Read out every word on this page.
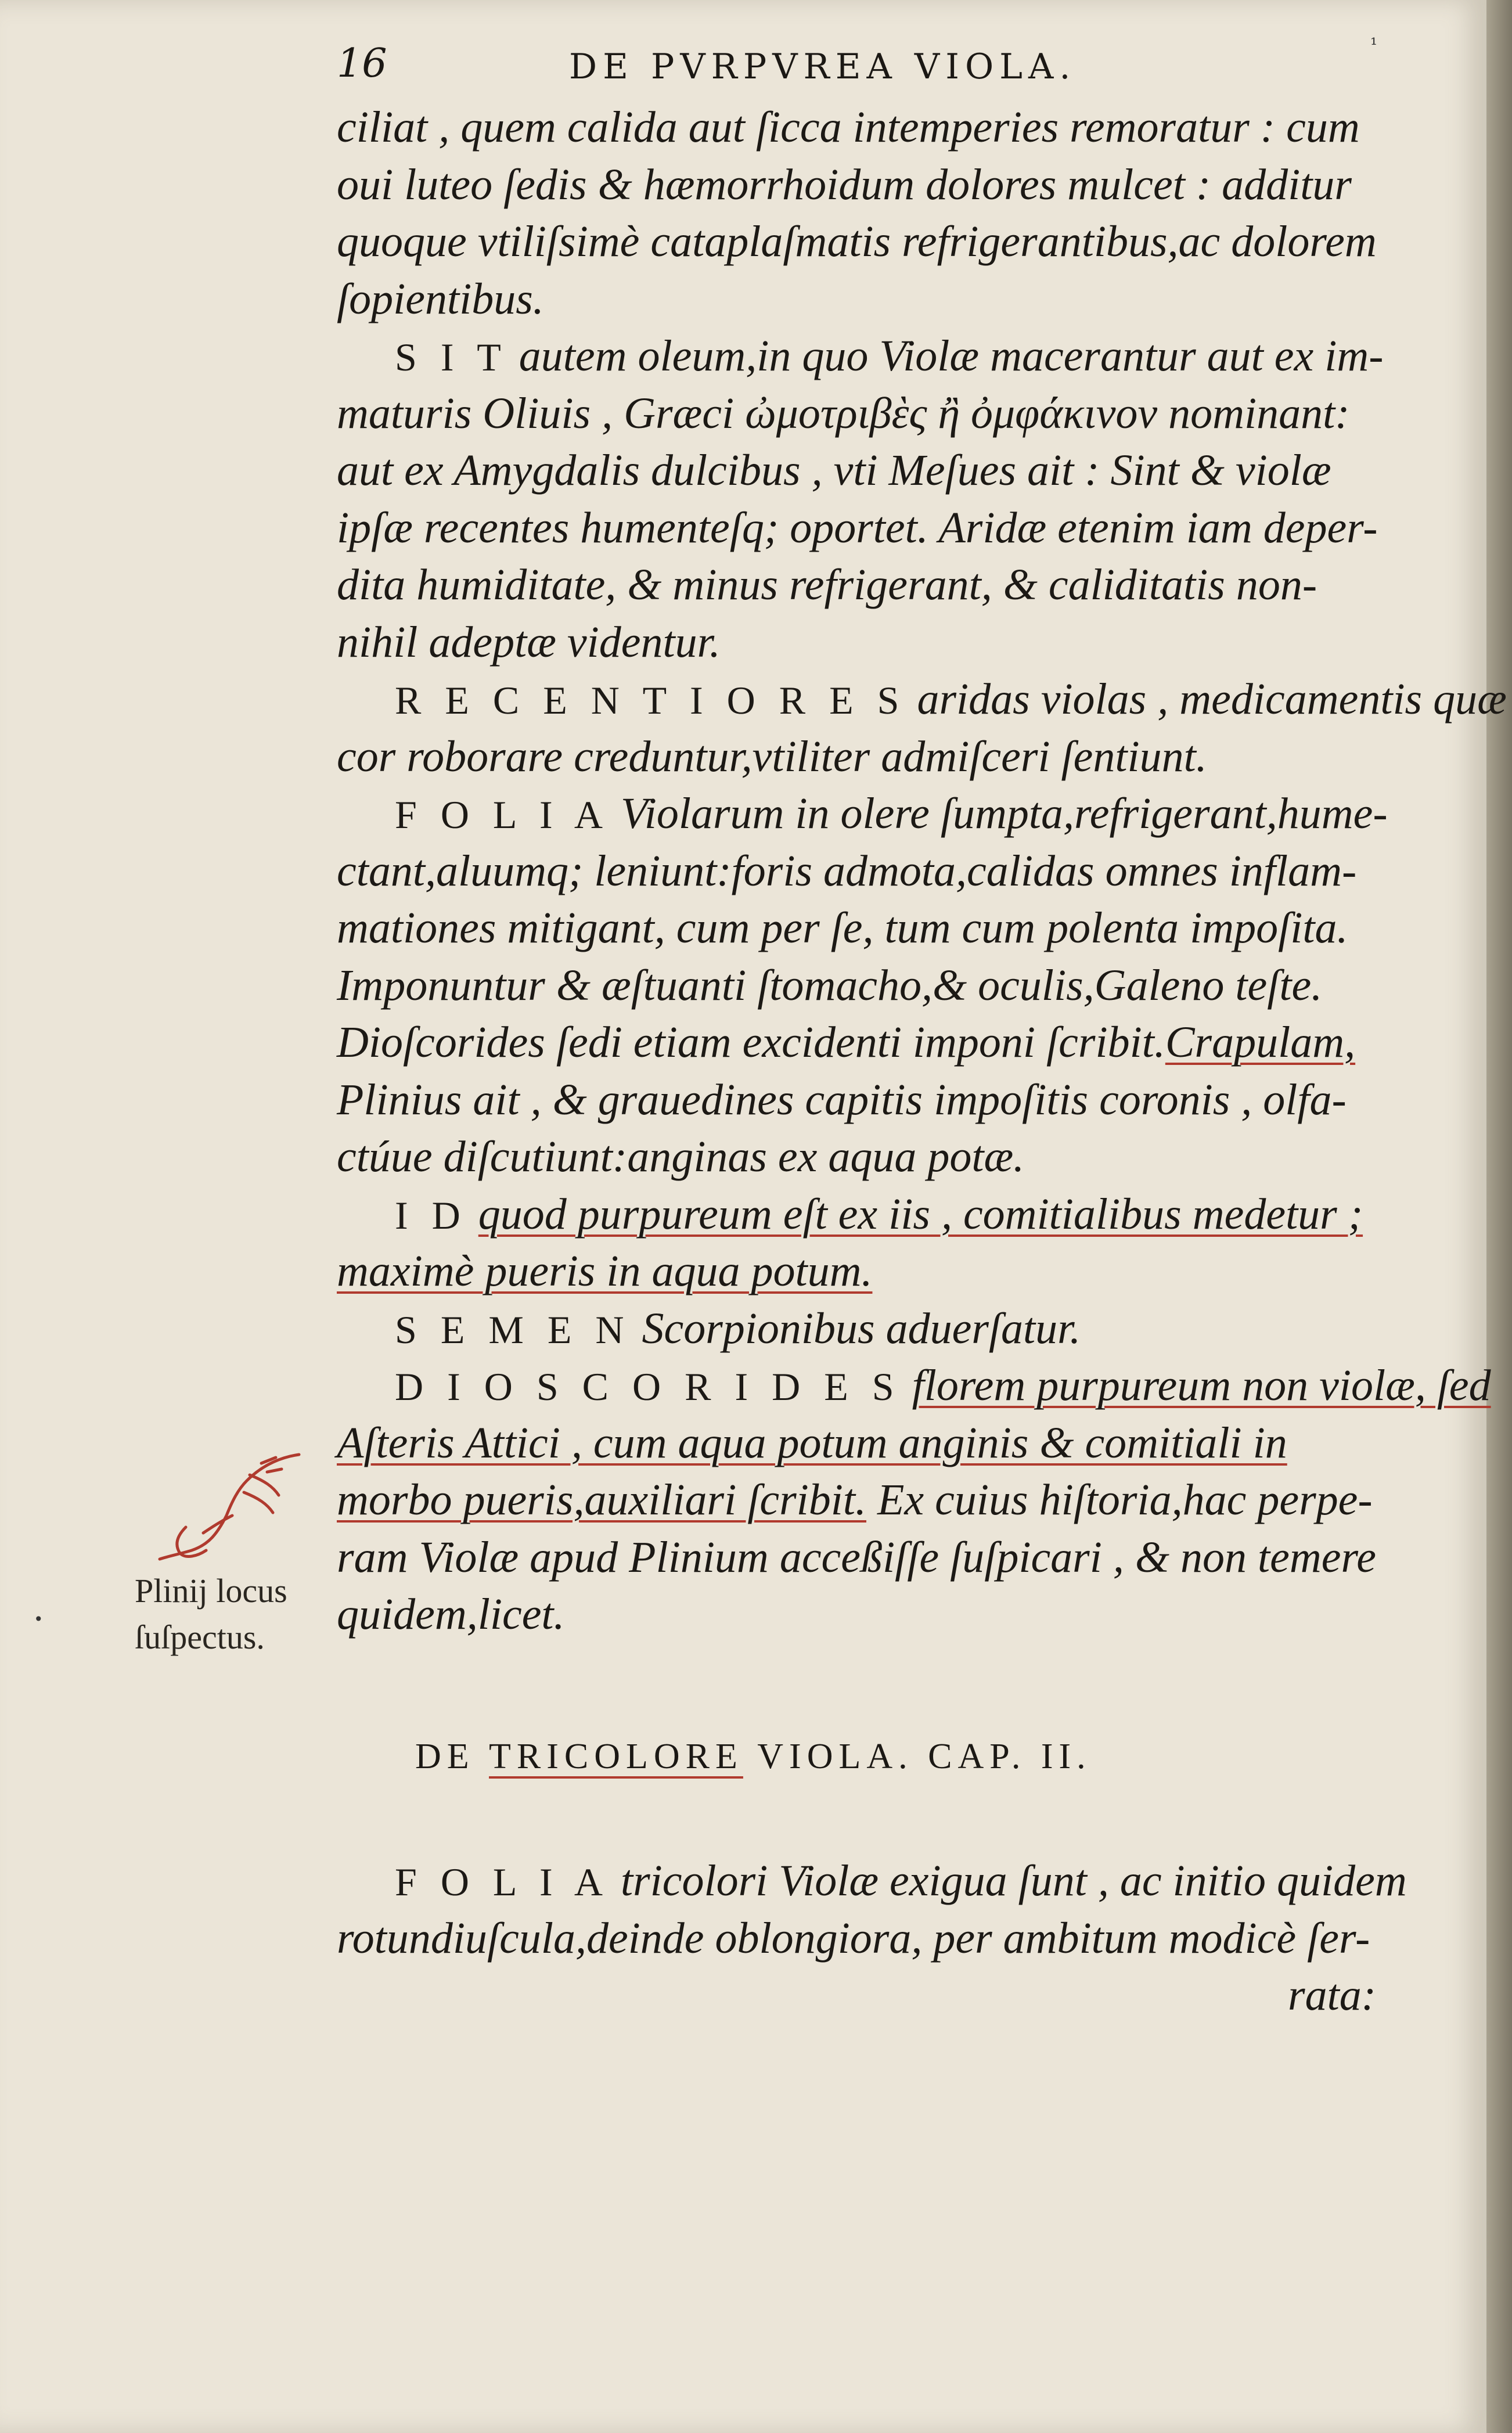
16	DE PVRPVREA VIOLA.
¹
ciliat , quem calida aut ſicca intemperies remoratur : cum
oui luteo ſedis & hæmorrhoidum dolores mulcet : additur
quoque vtiliſsimè cataplaſmatis refrigerantibus,ac dolorem
ſopientibus.
S I T autem oleum,in quo Violæ macerantur aut ex im-
maturis Oliuis , Græci ὠμοτριβὲς ἢ ὀμφάκινον nominant:
aut ex Amygdalis dulcibus , vti Meſues ait : Sint & violæ
ipſæ recentes humenteſq; oportet. Aridæ etenim iam deper-
dita humiditate, & minus refrigerant, & caliditatis non-
nihil adeptæ videntur.
R E C E N T I O R E S aridas violas , medicamentis quæ
cor roborare creduntur,vtiliter admiſceri ſentiunt.
F O L I A Violarum in olere ſumpta,refrigerant,hume-
ctant,aluumq; leniunt:foris admota,calidas omnes inflam-
mationes mitigant, cum per ſe, tum cum polenta impoſita.
Imponuntur & æſtuanti ſtomacho,& oculis,Galeno teſte.
Dioſcorides ſedi etiam excidenti imponi ſcribit.Crapulam,
Plinius ait , & grauedines capitis impoſitis coronis , olfa-
ctúue diſcutiunt:anginas ex aqua potæ.
I D quod purpureum eſt ex iis , comitialibus medetur ;
maximè pueris in aqua potum.
S E M E N Scorpionibus aduerſatur.
D I O S C O R I D E S florem purpureum non violæ, ſed
Aſteris Attici , cum aqua potum anginis & comitiali in
morbo pueris,auxiliari ſcribit. Ex cuius hiſtoria,hac perpe-
ram Violæ apud Plinium acceßiſſe ſuſpicari , & non temere
quidem,licet.
DE TRICOLORE VIOLA. CAP. II.
F O L I A tricolori Violæ exigua ſunt , ac initio quidem
rotundiuſcula,deinde oblongiora, per ambitum modicè ſer-
rata:
Plinij locus
ſuſpectus.
•
